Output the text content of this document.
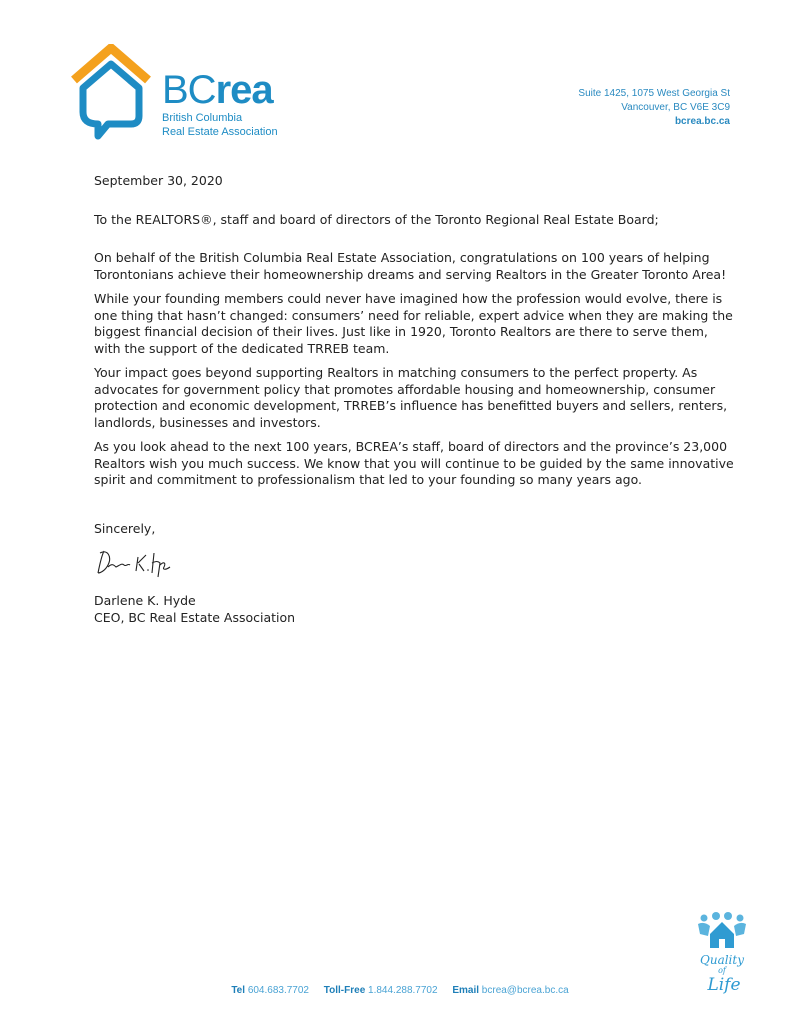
BCrea
British Columbia
Real Estate Association
Suite 1425, 1075 West Georgia St
Vancouver, BC V6E 3C9
bcrea.bc.ca

September 30, 2020

To the REALTORS®, staff and board of directors of the Toronto Regional Real Estate Board;

On behalf of the British Columbia Real Estate Association, congratulations on 100 years of helping Torontonians achieve their homeownership dreams and serving Realtors in the Greater Toronto Area!

While your founding members could never have imagined how the profession would evolve, there is one thing that hasn’t changed: consumers’ need for reliable, expert advice when they are making the biggest financial decision of their lives. Just like in 1920, Toronto Realtors are there to serve them, with the support of the dedicated TRREB team.

Your impact goes beyond supporting Realtors in matching consumers to the perfect property. As advocates for government policy that promotes affordable housing and homeownership, consumer protection and economic development, TRREB’s influence has benefitted buyers and sellers, renters, landlords, businesses and investors.

As you look ahead to the next 100 years, BCREA’s staff, board of directors and the province’s 23,000 Realtors wish you much success. We know that you will continue to be guided by the same innovative spirit and commitment to professionalism that led to your founding so many years ago.

Sincerely,

Darlene K. Hyde

CEO, BC Real Estate Association

Quality
of
Life
Tel 604.683.7702 Toll-Free 1.844.288.7702 Email bcrea@bcrea.bc.ca
